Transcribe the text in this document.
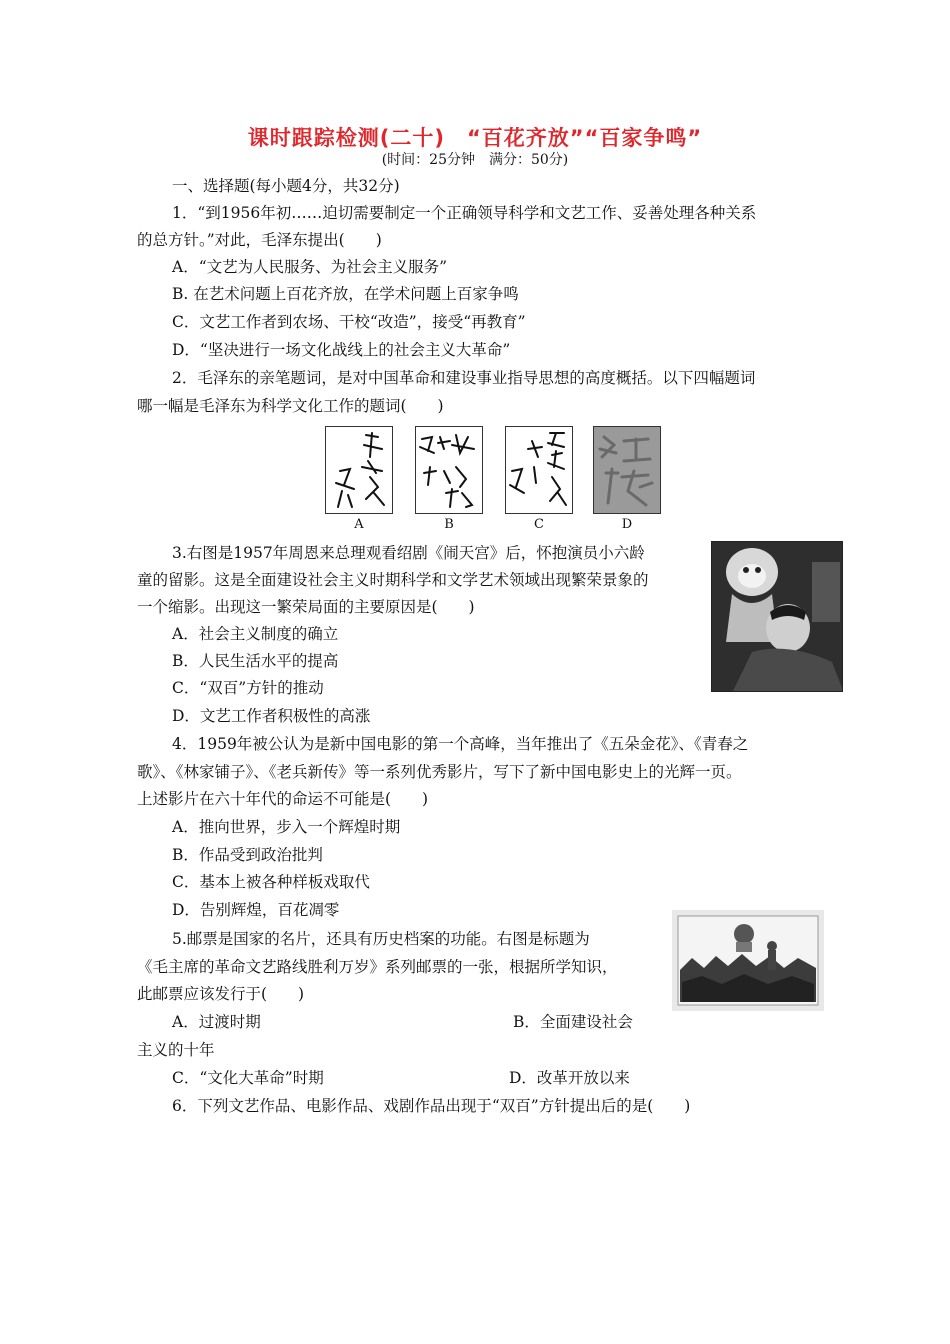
课时跟踪检测(二十)　“百花齐放”“百家争鸣”
(时间：25分钟　满分：50分)
一、选择题(每小题4分，共32分)
1．“到1956年初……迫切需要制定一个正确领导科学和文艺工作、妥善处理各种关系
的总方针。”对此，毛泽东提出(　　)
A．“文艺为人民服务、为社会主义服务”
B. 在艺术问题上百花齐放，在学术问题上百家争鸣
C．文艺工作者到农场、干校“改造”，接受“再教育”
D．“坚决进行一场文化战线上的社会主义大革命”
2．毛泽东的亲笔题词，是对中国革命和建设事业指导思想的高度概括。以下四幅题词
哪一幅是毛泽东为科学文化工作的题词(　　)
A	B	C	D
3.右图是1957年周恩来总理观看绍剧《闹天宫》后，怀抱演员小六龄
童的留影。这是全面建设社会主义时期科学和文学艺术领域出现繁荣景象的
一个缩影。出现这一繁荣局面的主要原因是(　　)
A．社会主义制度的确立
B．人民生活水平的提高
C．“双百”方针的推动
D．文艺工作者积极性的高涨
4．1959年被公认为是新中国电影的第一个高峰，当年推出了《五朵金花》、《青春之
歌》、《林家铺子》、《老兵新传》等一系列优秀影片，写下了新中国电影史上的光辉一页。
上述影片在六十年代的命运不可能是(　　)
A．推向世界，步入一个辉煌时期
B．作品受到政治批判
C．基本上被各种样板戏取代
D．告别辉煌，百花凋零
5.邮票是国家的名片，还具有历史档案的功能。右图是标题为
《毛主席的革命文艺路线胜利万岁》系列邮票的一张，根据所学知识，
此邮票应该发行于(　　)
A．过渡时期	B．全面建设社会
主义的十年
C．“文化大革命”时期	D．改革开放以来
6．下列文艺作品、电影作品、戏剧作品出现于“双百”方针提出后的是(　　)
